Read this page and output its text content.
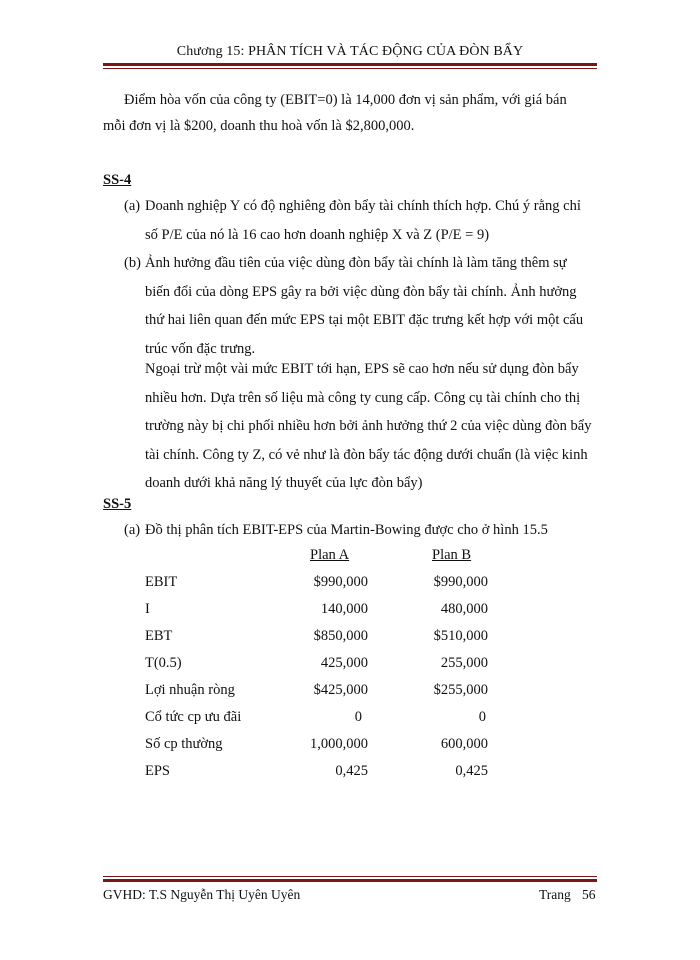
Chương 15: PHÂN TÍCH VÀ TÁC ĐỘNG CỦA ĐÒN BẨY
Điểm hòa vốn của công ty (EBIT=0) là 14,000 đơn vị sản phẩm, với giá bán
mỗi đơn vị là $200, doanh thu hoà vốn là $2,800,000.
SS-4
(a) Doanh nghiệp Y có độ nghiêng đòn bẩy tài chính thích hợp. Chú ý rằng chỉ số P/E của nó là 16 cao hơn doanh nghiệp X và Z (P/E = 9)
(b) Ảnh hưởng đầu tiên của việc dùng đòn bẩy tài chính là làm tăng thêm sự biến đổi của dòng EPS gây ra bởi việc dùng đòn bẩy tài chính. Ảnh hưởng thứ hai liên quan đến mức EPS tại một EBIT đặc trưng kết hợp với một cấu trúc vốn đặc trưng.
Ngoại trừ một vài mức EBIT tới hạn, EPS sẽ cao hơn nếu sử dụng đòn bẩy nhiều hơn. Dựa trên số liệu mà công ty cung cấp. Công cụ tài chính cho thị trường này bị chi phối nhiều hơn bởi ảnh hưởng thứ 2 của việc dùng đòn bẩy tài chính. Công ty Z, có vẻ như là đòn bẩy tác động dưới chuẩn (là việc kinh doanh dưới khả năng lý thuyết của lực đòn bẩy)
SS-5
(a) Đồ thị phân tích EBIT-EPS của Martin-Bowing được cho ở hình 15.5
Plan A	Plan B
EBIT	$990,000	$990,000
I	140,000	480,000
EBT	$850,000	$510,000
T(0.5)	425,000	255,000
Lợi nhuận ròng	$425,000	$255,000
Cổ tức cp ưu đãi	0	0
Số cp thường	1,000,000	600,000
EPS	0,425	0,425
GVHD: T.S Nguyễn Thị Uyên Uyên	Trang 56
